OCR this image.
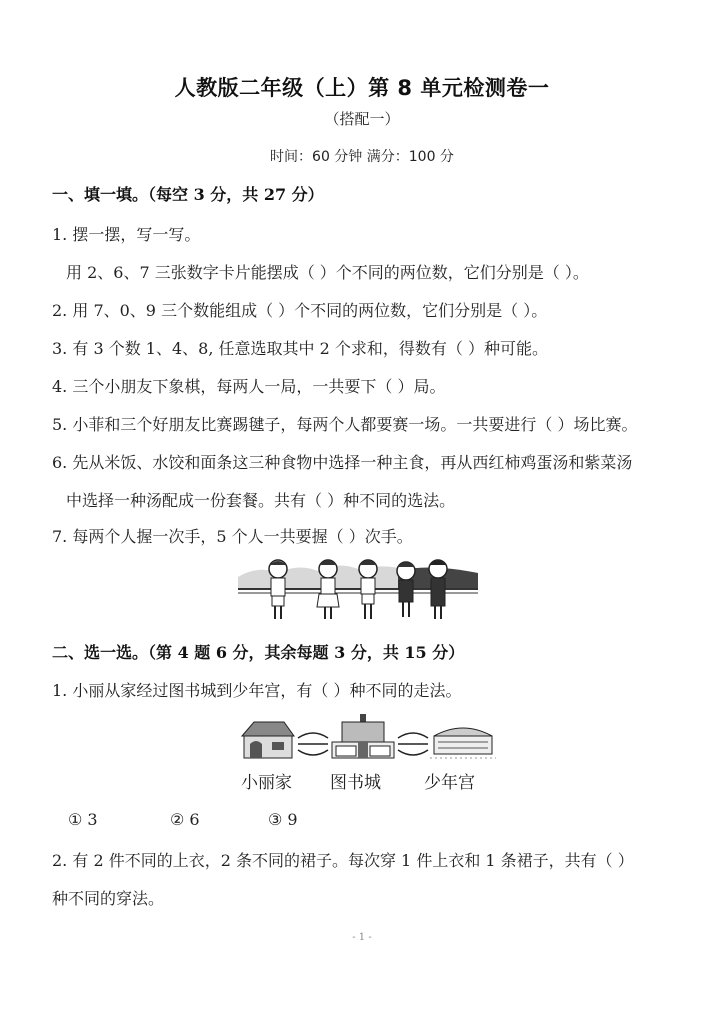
人教版二年级（上）第 8 单元检测卷一
（搭配一）
时间：60 分钟 满分：100 分
一、填一填。（每空 3 分，共 27 分）
1. 摆一摆，写一写。
用 2、6、7 三张数字卡片能摆成（ ）个不同的两位数，它们分别是（ ）。
2. 用 7、0、9 三个数能组成（ ）个不同的两位数，它们分别是（ ）。
3. 有 3 个数 1、4、8, 任意选取其中 2 个求和，得数有（ ）种可能。
4. 三个小朋友下象棋，每两人一局，一共要下（ ）局。
5. 小菲和三个好朋友比赛踢毽子，每两个人都要赛一场。一共要进行（ ）场比赛。
6. 先从米饭、水饺和面条这三种食物中选择一种主食，再从西红柿鸡蛋汤和紫菜汤
中选择一种汤配成一份套餐。共有（ ）种不同的选法。
7. 每两个人握一次手，5 个人一共要握（ ）次手。
二、选一选。（第 4 题 6 分，其余每题 3 分，共 15 分）
1. 小丽从家经过图书城到少年宫，有（ ）种不同的走法。
小丽家 图书城	少年宫
① 3	② 6	③ 9
2. 有 2 件不同的上衣，2 条不同的裙子。每次穿 1 件上衣和 1 条裙子，共有（ ）
种不同的穿法。
- 1 -
